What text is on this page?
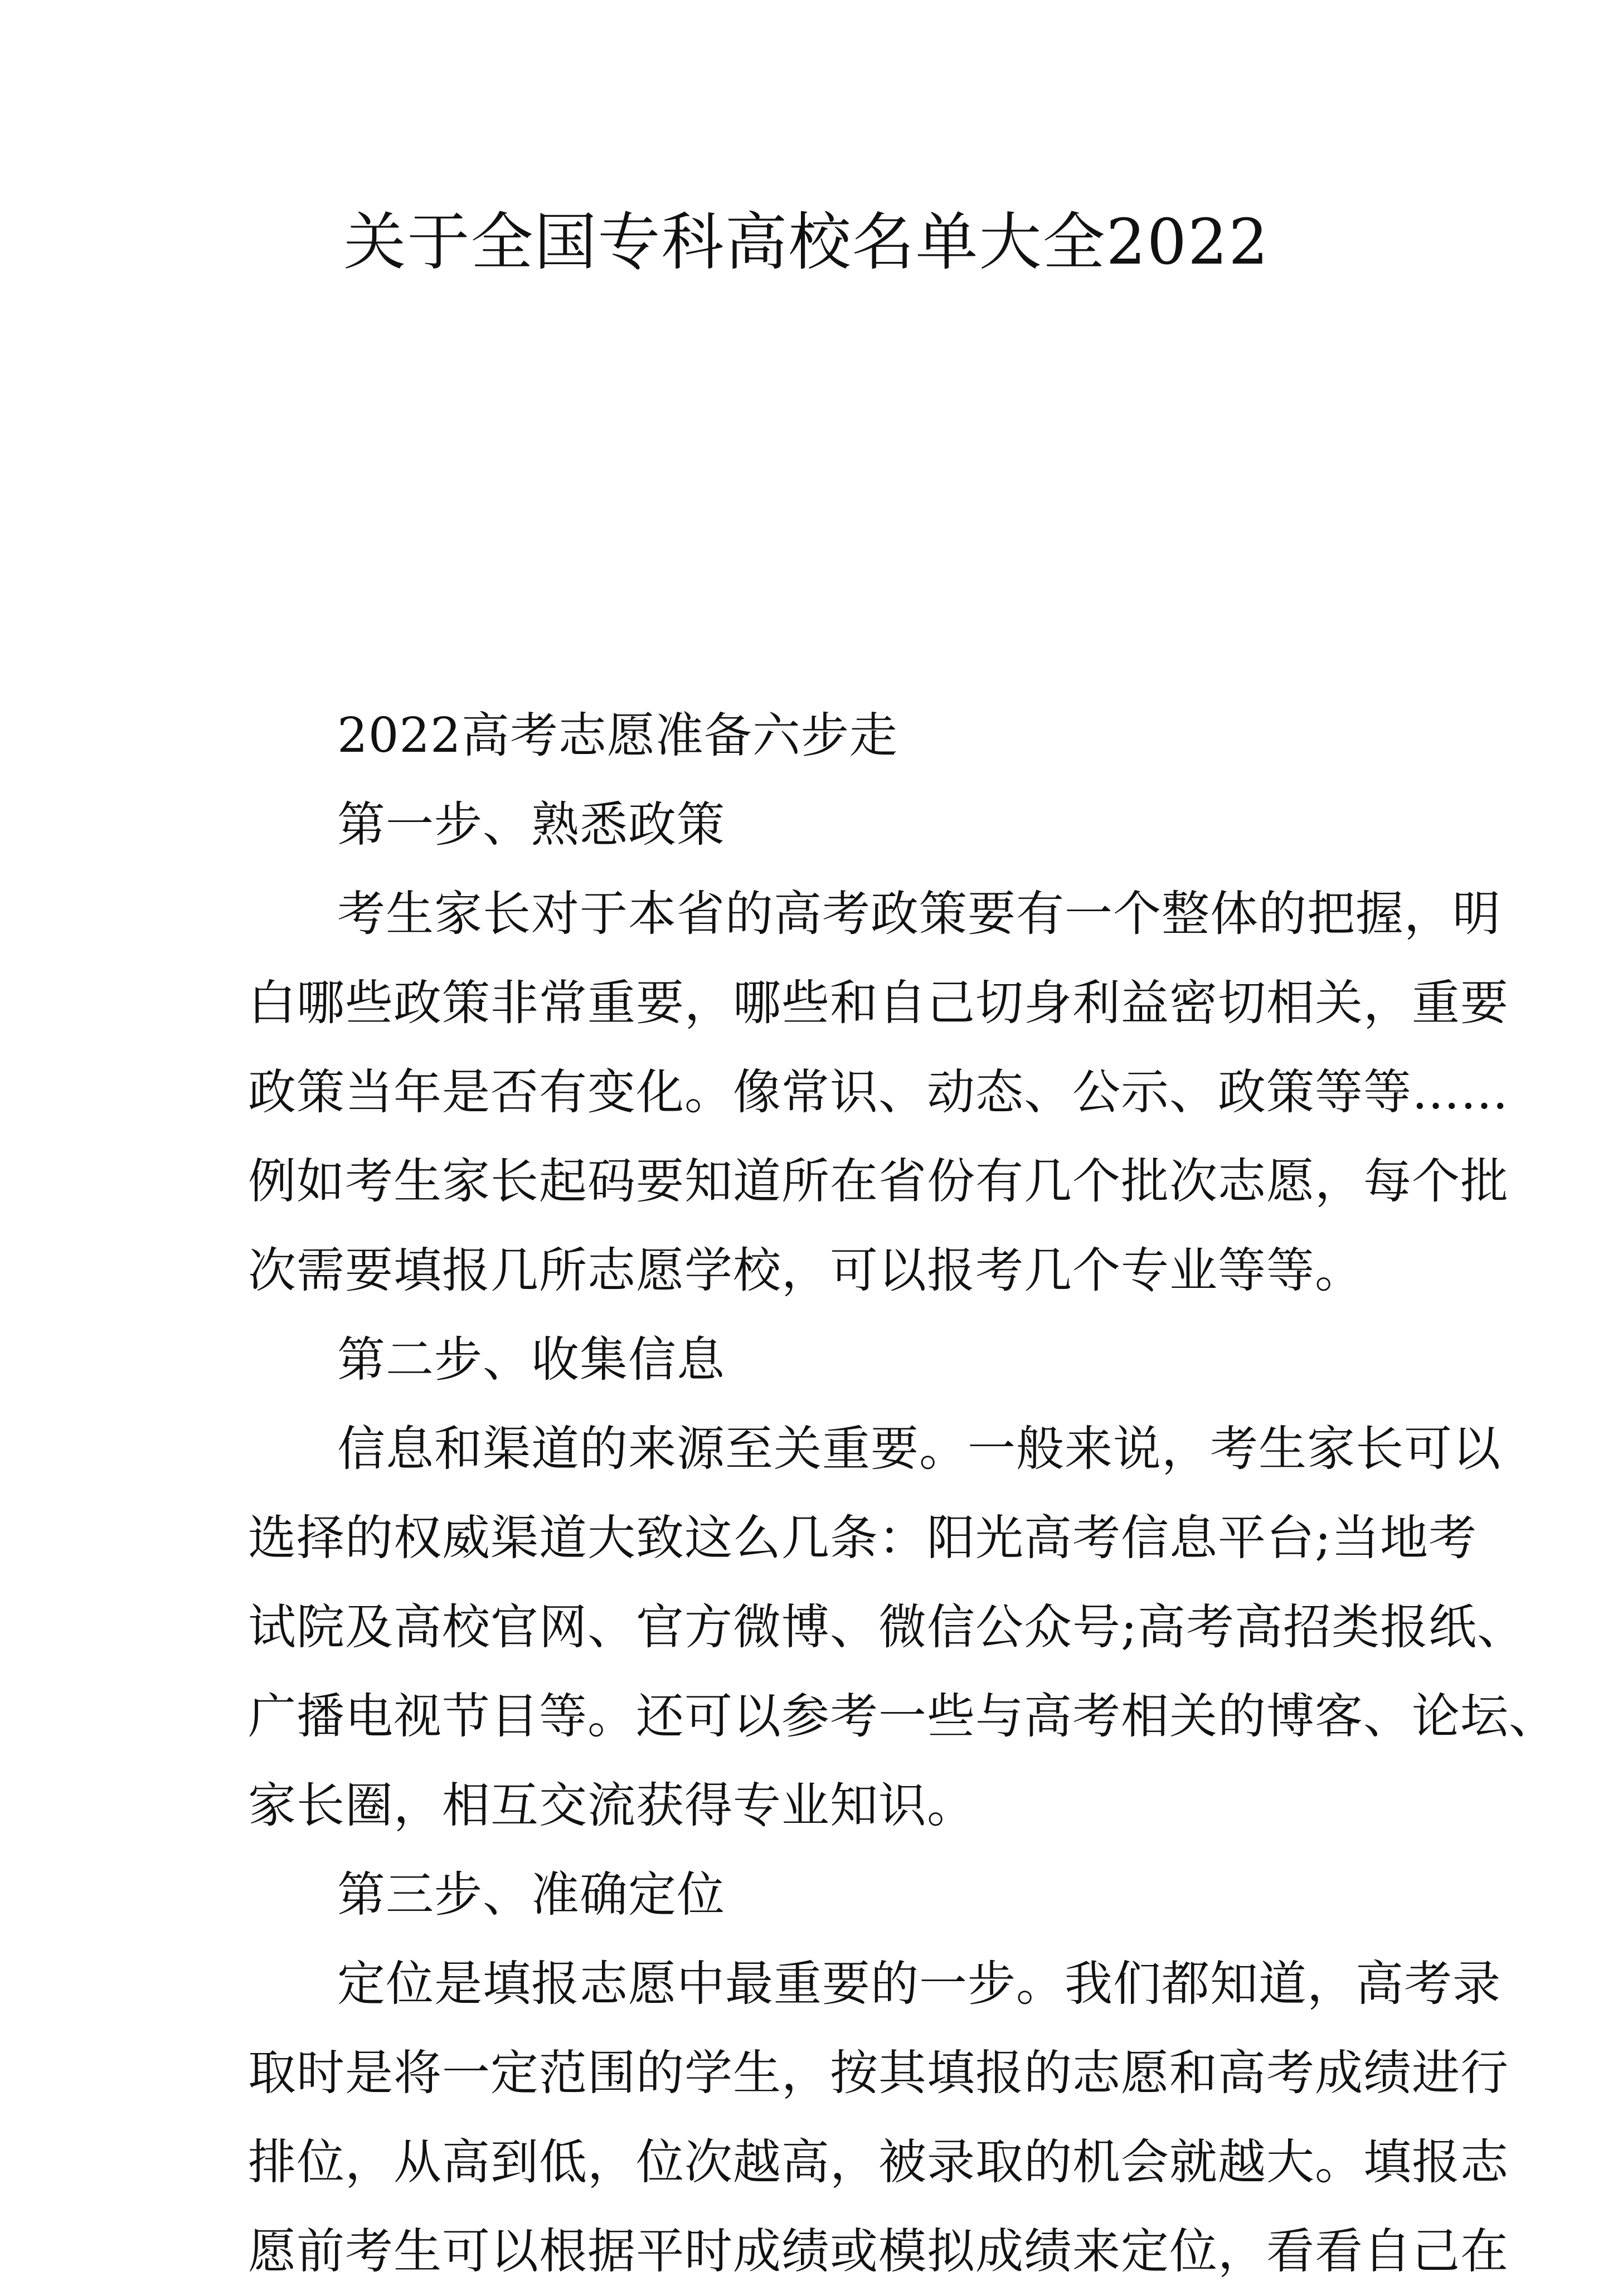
关于全国专科高校名单大全2022
2022高考志愿准备六步走
第一步、熟悉政策
考生家长对于本省的高考政策要有一个整体的把握，明
白哪些政策非常重要，哪些和自己切身利益密切相关，重要
政策当年是否有变化。像常识、动态、公示、政策等等……
例如考生家长起码要知道所在省份有几个批次志愿，每个批
次需要填报几所志愿学校，可以报考几个专业等等。
第二步、收集信息
信息和渠道的来源至关重要。一般来说，考生家长可以
选择的权威渠道大致这么几条：阳光高考信息平台;当地考
试院及高校官网、官方微博、微信公众号;高考高招类报纸、
广播电视节目等。还可以参考一些与高考相关的博客、论坛、
家长圈，相互交流获得专业知识。
第三步、准确定位
定位是填报志愿中最重要的一步。我们都知道，高考录
取时是将一定范围的学生，按其填报的志愿和高考成绩进行
排位，从高到低，位次越高，被录取的机会就越大。填报志
愿前考生可以根据平时成绩或模拟成绩来定位，看看自己在
